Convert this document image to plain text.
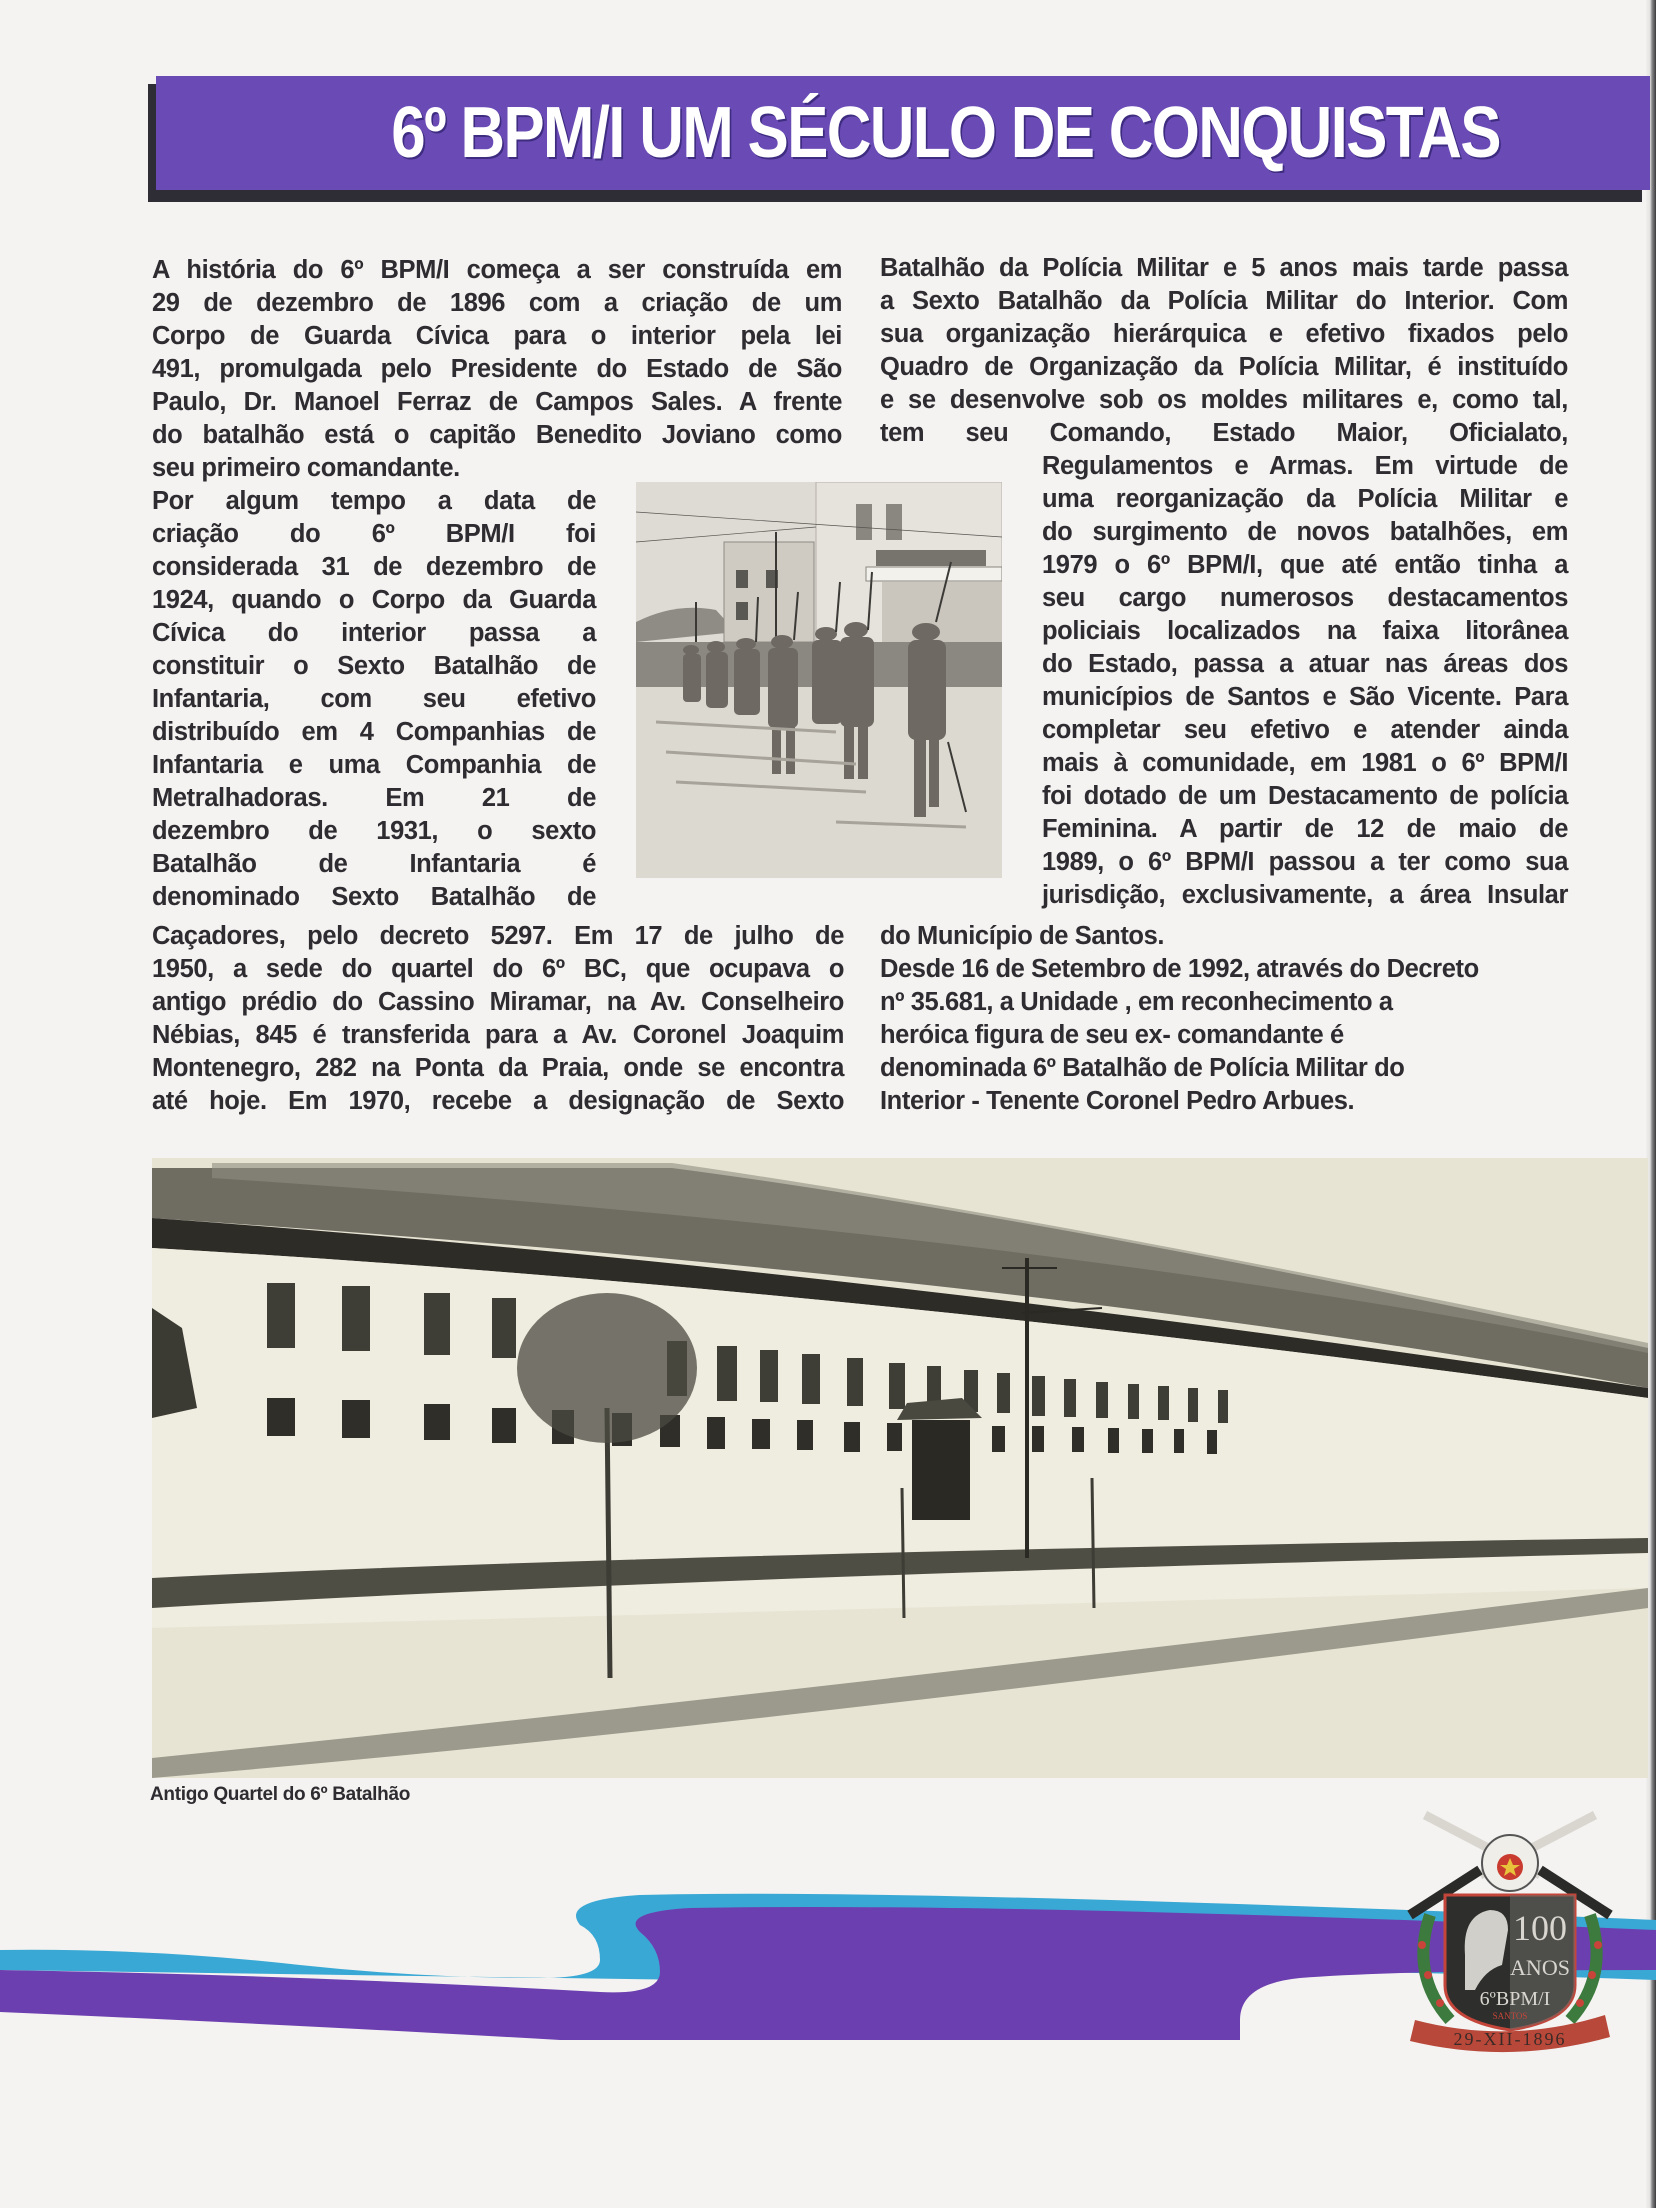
6º BPM/I UM SÉCULO DE CONQUISTAS
A história do 6º BPM/I começa a ser construída em
29 de dezembro de 1896 com a criação de um
Corpo de Guarda Cívica para o interior pela lei
491, promulgada pelo Presidente do Estado de São
Paulo, Dr. Manoel Ferraz de Campos Sales. A frente
do batalhão está o capitão Benedito Joviano como
seu primeiro comandante.
Por algum tempo a data de
criação do 6º BPM/I foi
considerada 31 de dezembro de
1924, quando o Corpo da Guarda
Cívica do interior passa a
constituir o Sexto Batalhão de
Infantaria, com seu efetivo
distribuído em 4 Companhias de
Infantaria e uma Companhia de
Metralhadoras. Em 21 de
dezembro de 1931, o sexto
Batalhão de Infantaria é
denominado Sexto Batalhão de
Caçadores, pelo decreto 5297. Em 17 de julho de
1950, a sede do quartel do 6º BC, que ocupava o
antigo prédio do Cassino Miramar, na Av. Conselheiro
Nébias, 845 é transferida para a Av. Coronel Joaquim
Montenegro, 282 na Ponta da Praia, onde se encontra
até hoje. Em 1970, recebe a designação de Sexto
Batalhão da Polícia Militar e 5 anos mais tarde passa
a Sexto Batalhão da Polícia Militar do Interior. Com
sua organização hierárquica e efetivo fixados pelo
Quadro de Organização da Polícia Militar, é instituído
e se desenvolve sob os moldes militares e, como tal,
tem seu Comando, Estado Maior, Oficialato,
Regulamentos e Armas. Em virtude de
uma reorganização da Polícia Militar e
do surgimento de novos batalhões, em
1979 o 6º BPM/I, que até então tinha a
seu cargo numerosos destacamentos
policiais localizados na faixa litorânea
do Estado, passa a atuar nas áreas dos
municípios de Santos e São Vicente. Para
completar seu efetivo e atender ainda
mais à comunidade, em 1981 o 6º BPM/I
foi dotado de um Destacamento de polícia
Feminina. A partir de 12 de maio de
1989, o 6º BPM/I passou a ter como sua
jurisdição, exclusivamente, a área Insular
do Município de Santos.
Desde 16 de Setembro de 1992, através do Decreto
nº 35.681, a Unidade , em reconhecimento a
heróica figura de seu ex- comandante é
denominada 6º Batalhão de Polícia Militar do
Interior - Tenente Coronel Pedro Arbues.
Antigo Quartel do 6º Batalhão
100
ANOS
6ºBPM/I
SANTOS
29-XII-1896
